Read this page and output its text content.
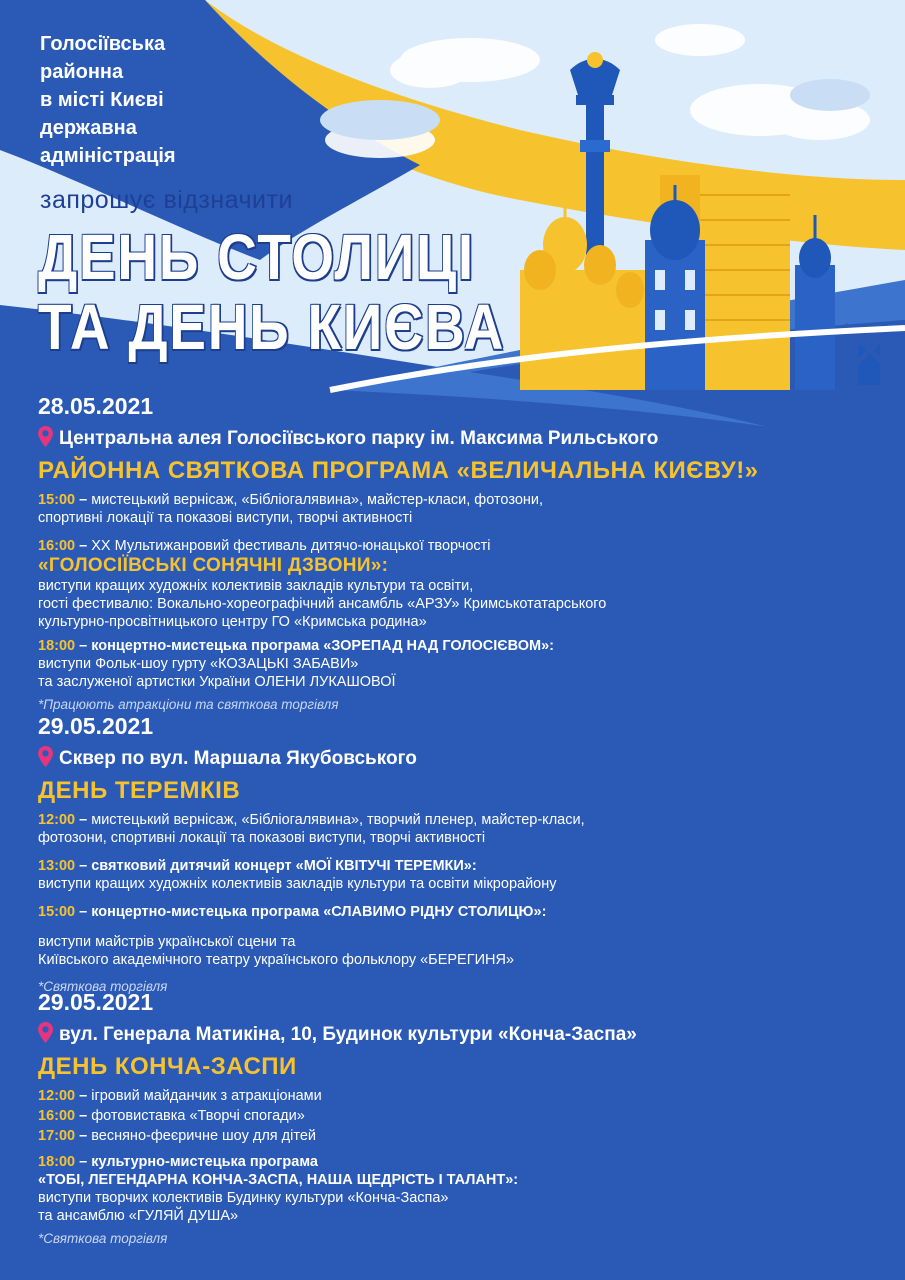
Голосіївська
районна
в місті Києві
державна
адміністрація
запрошує відзначити
ДЕНЬ СТОЛИЦІ
ТА ДЕНЬ КИЄВА
28.05.2021
Центральна алея Голосіївського парку ім. Максима Рильського
РАЙОННА СВЯТКОВА ПРОГРАМА «ВЕЛИЧАЛЬНА КИЄВУ!»
15:00 – мистецький вернісаж, «Бібліогалявина», майстер-класи, фотозони,
спортивні локації та показові виступи, творчі активності
16:00 – ХХ Мультижанровий фестиваль дитячо-юнацької творчості

«ГОЛОСІЇВСЬКІ СОНЯЧНІ ДЗВОНИ»:
виступи кращих художніх колективів закладів культури та освіти,
гості фестивалю: Вокально-хореографічний ансамбль «АРЗУ» Кримськотатарського
культурно-просвітницького центру ГО «Кримська родина»
18:00 – концертно-мистецька програма «ЗОРЕПАД НАД ГОЛОСІЄВОМ»:
виступи Фольк-шоу гурту «КОЗАЦЬКІ ЗАБАВИ»
та заслуженої артистки України ОЛЕНИ ЛУКАШОВОЇ
*Працюють атракціони та святкова торгівля
29.05.2021
Сквер по вул. Маршала Якубовського
ДЕНЬ ТЕРЕМКІВ
12:00 – мистецький вернісаж, «Бібліогалявина», творчий пленер, майстер-класи,
фотозони, спортивні локації та показові виступи, творчі активності
13:00 – святковий дитячий концерт «МОЇ КВІТУЧІ ТЕРЕМКИ»:
виступи кращих художніх колективів закладів культури та освіти мікрорайону
15:00 – концертно-мистецька програма «СЛАВИМО РІДНУ СТОЛИЦЮ»:
виступи майстрів української сцени та
Київського академічного театру українського фольклору «БЕРЕГИНЯ»
*Святкова торгівля
29.05.2021
вул. Генерала Матикіна, 10, Будинок культури «Конча-Заспа»
ДЕНЬ КОНЧА-ЗАСПИ
12:00 – ігровий майданчик з атракціонами
16:00 – фотовиставка «Творчі спогади»
17:00 – весняно-феєричне шоу для дітей
18:00 – культурно-мистецька програма
«ТОБІ, ЛЕГЕНДАРНА КОНЧА-ЗАСПА, НАША ЩЕДРІСТЬ І ТАЛАНТ»:
виступи творчих колективів Будинку культури «Конча-Заспа»
та ансамблю «ГУЛЯЙ ДУША»
*Святкова торгівля
